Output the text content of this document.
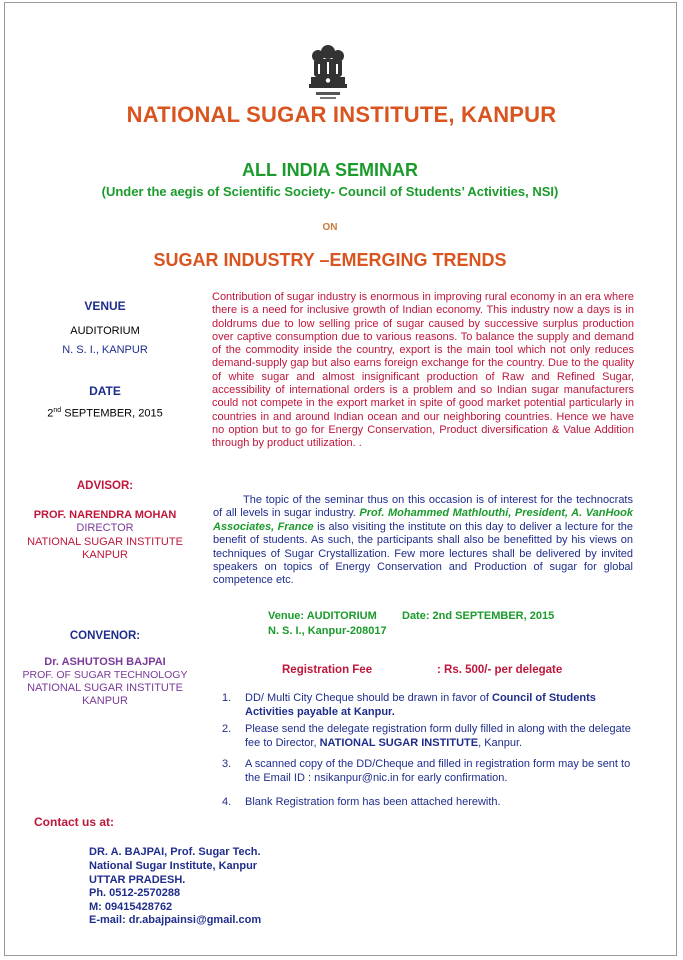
NATIONAL SUGAR INSTITUTE, KANPUR
ALL INDIA SEMINAR
(Under the aegis of Scientific Society- Council of Students’ Activities, NSI)
ON
SUGAR INDUSTRY –EMERGING TRENDS
VENUE
AUDITORIUM
N. S. I., KANPUR
DATE
2nd SEPTEMBER, 2015
Contribution of sugar industry is enormous in improving rural economy in an era where there is a need for inclusive growth of Indian economy. This industry now a days is in doldrums due to low selling price of sugar caused by successive surplus production over captive consumption due to various reasons. To balance the supply and demand of the commodity inside the country, export is the main tool which not only reduces demand-supply gap but also earns foreign exchange for the country. Due to the quality of white sugar and almost insignificant production of Raw and Refined Sugar, accessibility of international orders is a problem and so Indian sugar manufacturers could not compete in the export market in spite of good market potential particularly in countries in and around Indian ocean and our neighboring countries. Hence we have no option but to go for Energy Conservation, Product diversification & Value Addition through by product utilization. .
ADVISOR:
PROF. NARENDRA MOHAN
DIRECTOR
NATIONAL SUGAR INSTITUTE
KANPUR
The topic of the seminar thus on this occasion is of interest for the technocrats of all levels in sugar industry. Prof. Mohammed Mathlouthi, President, A. VanHook Associates, France is also visiting the institute on this day to deliver a lecture for the benefit of students. As such, the participants shall also be benefitted by his views on techniques of Sugar Crystallization. Few more lectures shall be delivered by invited speakers on topics of Energy Conservation and Production of sugar for global competence etc.
Venue: AUDITORIUM Date: 2nd SEPTEMBER, 2015
N. S. I., Kanpur-208017
CONVENOR:
Dr. ASHUTOSH BAJPAI
PROF. OF SUGAR TECHNOLOGY
NATIONAL SUGAR INSTITUTE
KANPUR
Registration Fee	: Rs. 500/- per delegate
1.	DD/ Multi City Cheque should be drawn in favor of Council of Students Activities payable at Kanpur.
2.	Please send the delegate registration form dully filled in along with the delegate fee to Director, NATIONAL SUGAR INSTITUTE, Kanpur.
3.	A scanned copy of the DD/Cheque and filled in registration form may be sent to the Email ID : nsikanpur@nic.in for early confirmation.
4.	Blank Registration form has been attached herewith.
Contact us at:
DR. A. BAJPAI, Prof. Sugar Tech.
National Sugar Institute, Kanpur
UTTAR PRADESH.
Ph. 0512-2570288
M: 09415428762
E-mail: dr.abajpainsi@gmail.com
